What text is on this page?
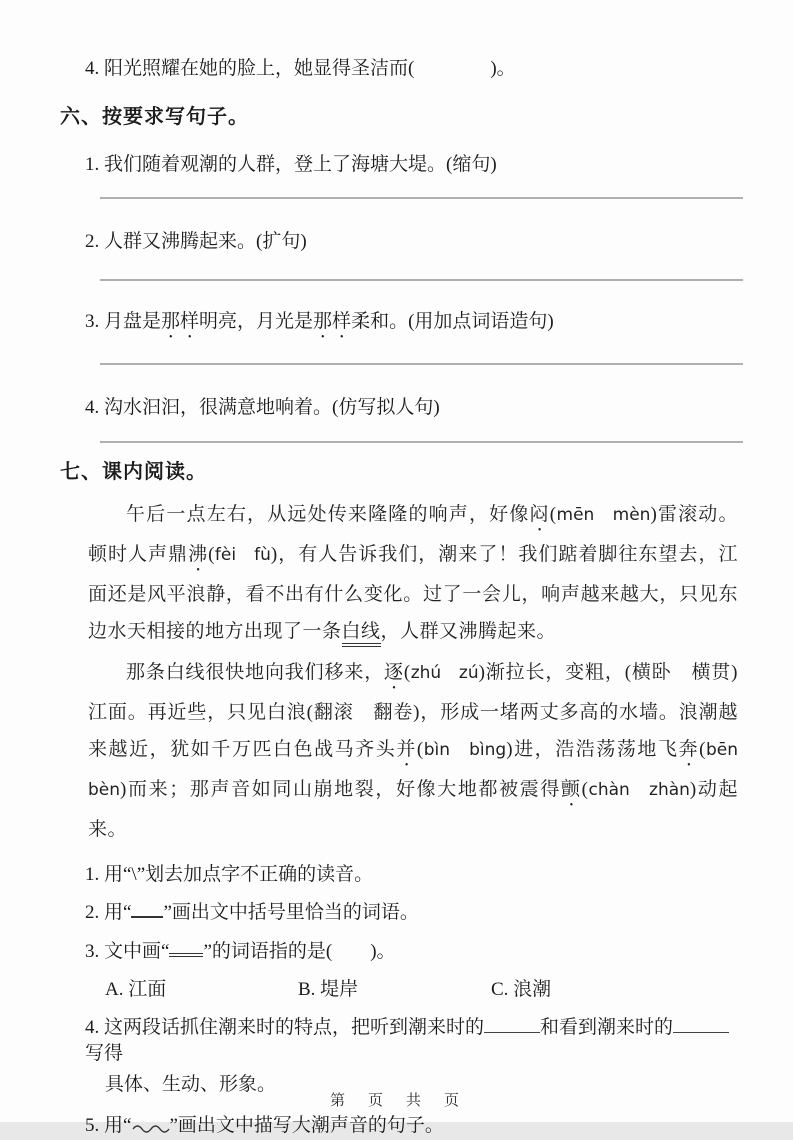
4. 阳光照耀在她的脸上，她显得圣洁而(　　　　)。
六、按要求写句子。
1. 我们随着观潮的人群，登上了海塘大堤。(缩句)
2. 人群又沸腾起来。(扩句)
3. 月盘是那样明亮，月光是那样柔和。(用加点词语造句)
4. 沟水汩汩，很满意地响着。(仿写拟人句)
七、课内阅读。

午后一点左右，从远处传来隆隆的响声，好像闷(mēn　mèn)雷滚动。顿时人声鼎沸(fèi　fù)，有人告诉我们，潮来了！我们踮着脚往东望去，江面还是风平浪静，看不出有什么变化。过了一会儿，响声越来越大，只见东边水天相接的地方出现了一条白线，人群又沸腾起来。

那条白线很快地向我们移来，逐(zhú　zú)渐拉长，变粗，(横卧　横贯)江面。再近些，只见白浪(翻滚　翻卷)，形成一堵两丈多高的水墙。浪潮越来越近，犹如千万匹白色战马齐头并(bìn　bìng)进，浩浩荡荡地飞奔(bēn　bèn)而来；那声音如同山崩地裂，好像大地都被震得颤(chàn　zhàn)动起来。

1. 用“\”划去加点字不正确的读音。
2. 用“ ”画出文中括号里恰当的词语。
3. 文中画“ ”的词语指的是(　　)。
A. 江面	B. 堤岸	C. 浪潮
4. 这两段话抓住潮来时的特点，把听到潮来时的	和看到潮来时的写得
具体、生动、形象。
5. 用“ ”画出文中描写大潮声音的句子。
第　页　共　页
